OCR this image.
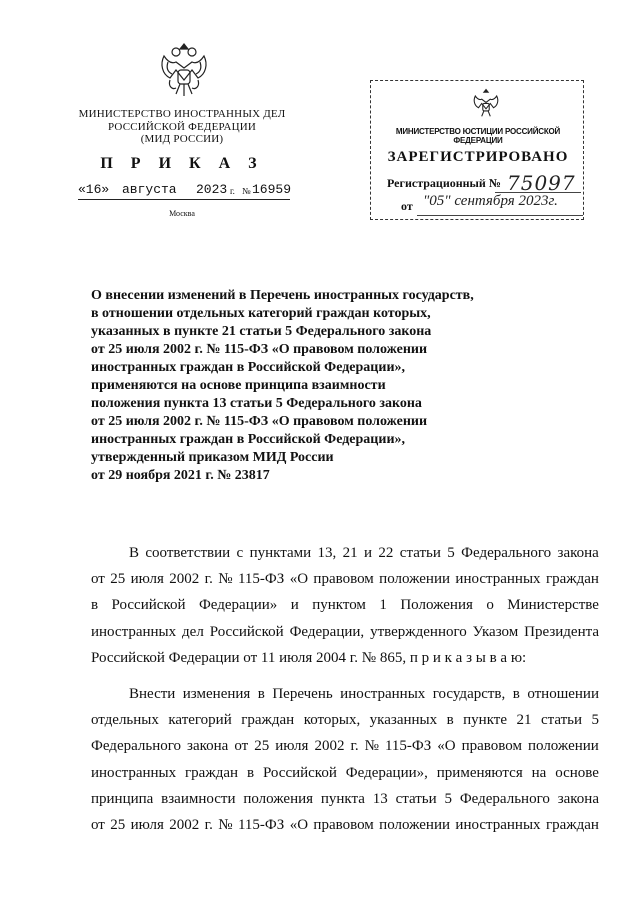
МИНИСТЕРСТВО ИНОСТРАННЫХ ДЕЛ
РОССИЙСКОЙ ФЕДЕРАЦИИ
(МИД РОССИИ)
П Р И К А З
«16» августа 2023 г. № 16959
Москва
МИНИСТЕРСТВО ЮСТИЦИИ РОССИЙСКОЙ ФЕДЕРАЦИИ
ЗАРЕГИСТРИРОВАНО
Регистрационный № 75097
от "05" сентября 2023г.
О внесении изменений в Перечень иностранных государств,
в отношении отдельных категорий граждан которых,
указанных в пункте 21 статьи 5 Федерального закона
от 25 июля 2002 г. № 115-ФЗ «О правовом положении
иностранных граждан в Российской Федерации»,
применяются на основе принципа взаимности
положения пункта 13 статьи 5 Федерального закона
от 25 июля 2002 г. № 115-ФЗ «О правовом положении
иностранных граждан в Российской Федерации»,
утвержденный приказом МИД России
от 29 ноября 2021 г. № 23817
В соответствии с пунктами 13, 21 и 22 статьи 5 Федерального закона
от 25 июля 2002 г. № 115-ФЗ «О правовом положении иностранных граждан
в Российской Федерации» и пунктом 1 Положения о Министерстве
иностранных дел Российской Федерации, утвержденного Указом Президента
Российской Федерации от 11 июля 2004 г. № 865, п р и к а з ы в а ю:
Внести изменения в Перечень иностранных государств, в отношении
отдельных категорий граждан которых, указанных в пункте 21 статьи 5
Федерального закона от 25 июля 2002 г. № 115-ФЗ «О правовом положении
иностранных граждан в Российской Федерации», применяются на основе
принципа взаимности положения пункта 13 статьи 5 Федерального закона
от 25 июля 2002 г. № 115-ФЗ «О правовом положении иностранных граждан
